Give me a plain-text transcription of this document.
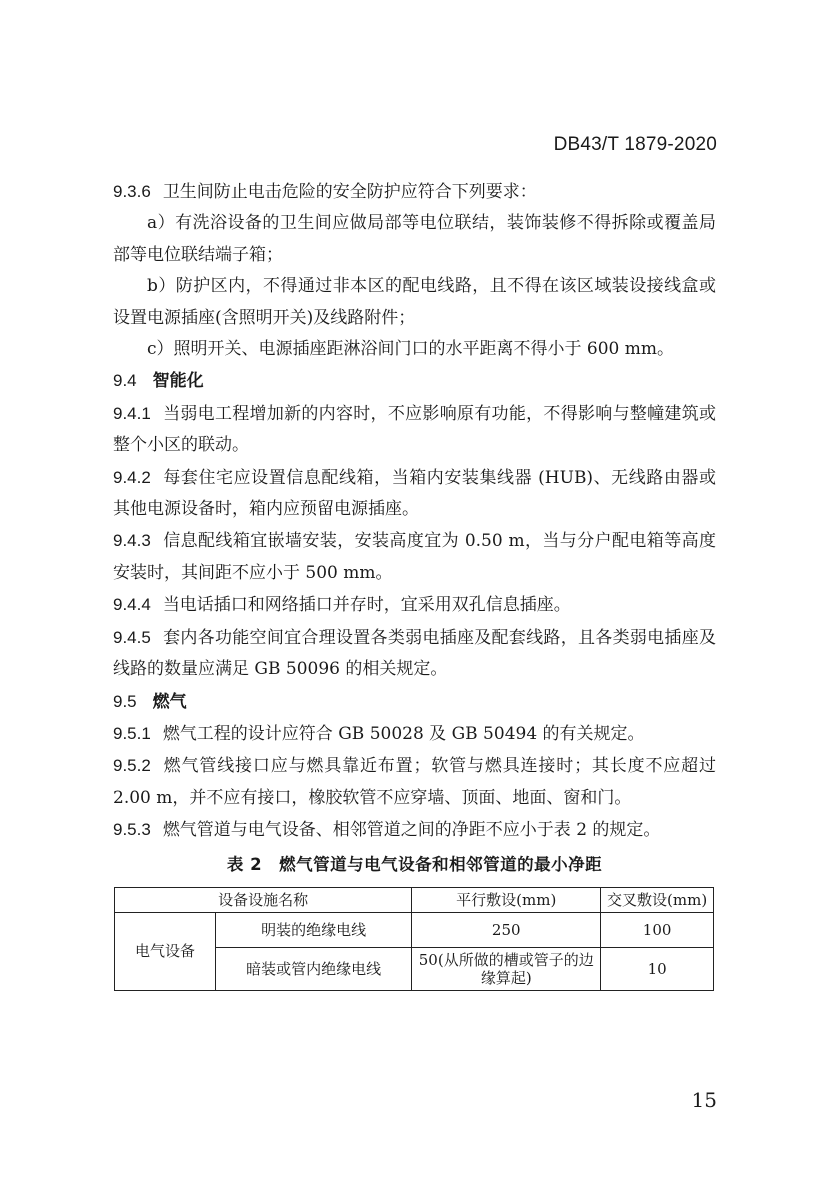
DB43/T 1879-2020

9.3.6 卫生间防止电击危险的安全防护应符合下列要求：

a）有洗浴设备的卫生间应做局部等电位联结，装饰装修不得拆除或覆盖局部等电位联结端子箱；

b）防护区内，不得通过非本区的配电线路，且不得在该区域装设接线盒或设置电源插座(含照明开关)及线路附件；

c）照明开关、电源插座距淋浴间门口的水平距离不得小于 600 mm。

9.4 智能化

9.4.1 当弱电工程增加新的内容时，不应影响原有功能，不得影响与整幢建筑或整个小区的联动。

9.4.2 每套住宅应设置信息配线箱，当箱内安装集线器 (HUB)、无线路由器或其他电源设备时，箱内应预留电源插座。

9.4.3 信息配线箱宜嵌墙安装，安装高度宜为 0.50 m，当与分户配电箱等高度安装时，其间距不应小于 500 mm。

9.4.4 当电话插口和网络插口并存时，宜采用双孔信息插座。

9.4.5 套内各功能空间宜合理设置各类弱电插座及配套线路，且各类弱电插座及线路的数量应满足 GB 50096 的相关规定。

9.5 燃气

9.5.1 燃气工程的设计应符合 GB 50028 及 GB 50494 的有关规定。

9.5.2 燃气管线接口应与燃具靠近布置；软管与燃具连接时；其长度不应超过 2.00 m，并不应有接口，橡胶软管不应穿墙、顶面、地面、窗和门。

9.5.3 燃气管道与电气设备、相邻管道之间的净距不应小于表 2 的规定。

表 2　燃气管道与电气设备和相邻管道的最小净距
设备设施名称		平行敷设(mm)	交叉敷设(mm)
电气设备	明装的绝缘电线	250	100
	暗装或管内绝缘电线	50(从所做的槽或管子的边缘算起)	10
15
